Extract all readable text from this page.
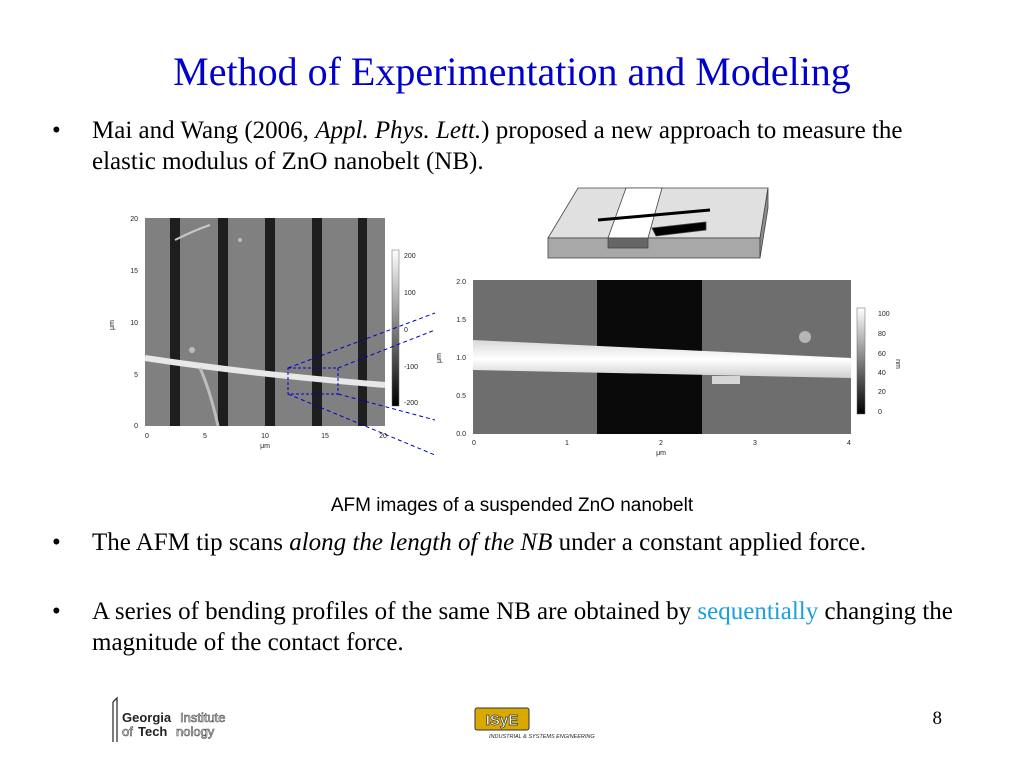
Method of Experimentation and Modeling
• Mai and Wang (2006, Appl. Phys. Lett.) proposed a new approach to measure the elastic modulus of ZnO nanobelt (NB).
20
15
10
5
0
μm
0	5	10	15	20
μm
200
100
0
-100
-200
2.0
1.5
1.0
0.5
0.0
μm
0	1	2	3	4
μm
100
80
60
40
20
0
nm
AFM images of a suspended ZnO nanobelt
• The AFM tip scans along the length of the NB under a constant applied force.
• A series of bending profiles of the same NB are obtained by sequentially changing the magnitude of the contact force.
Georgia Institute
of Tech nology
ISyE
INDUSTRIAL & SYSTEMS ENGINEERING
8
